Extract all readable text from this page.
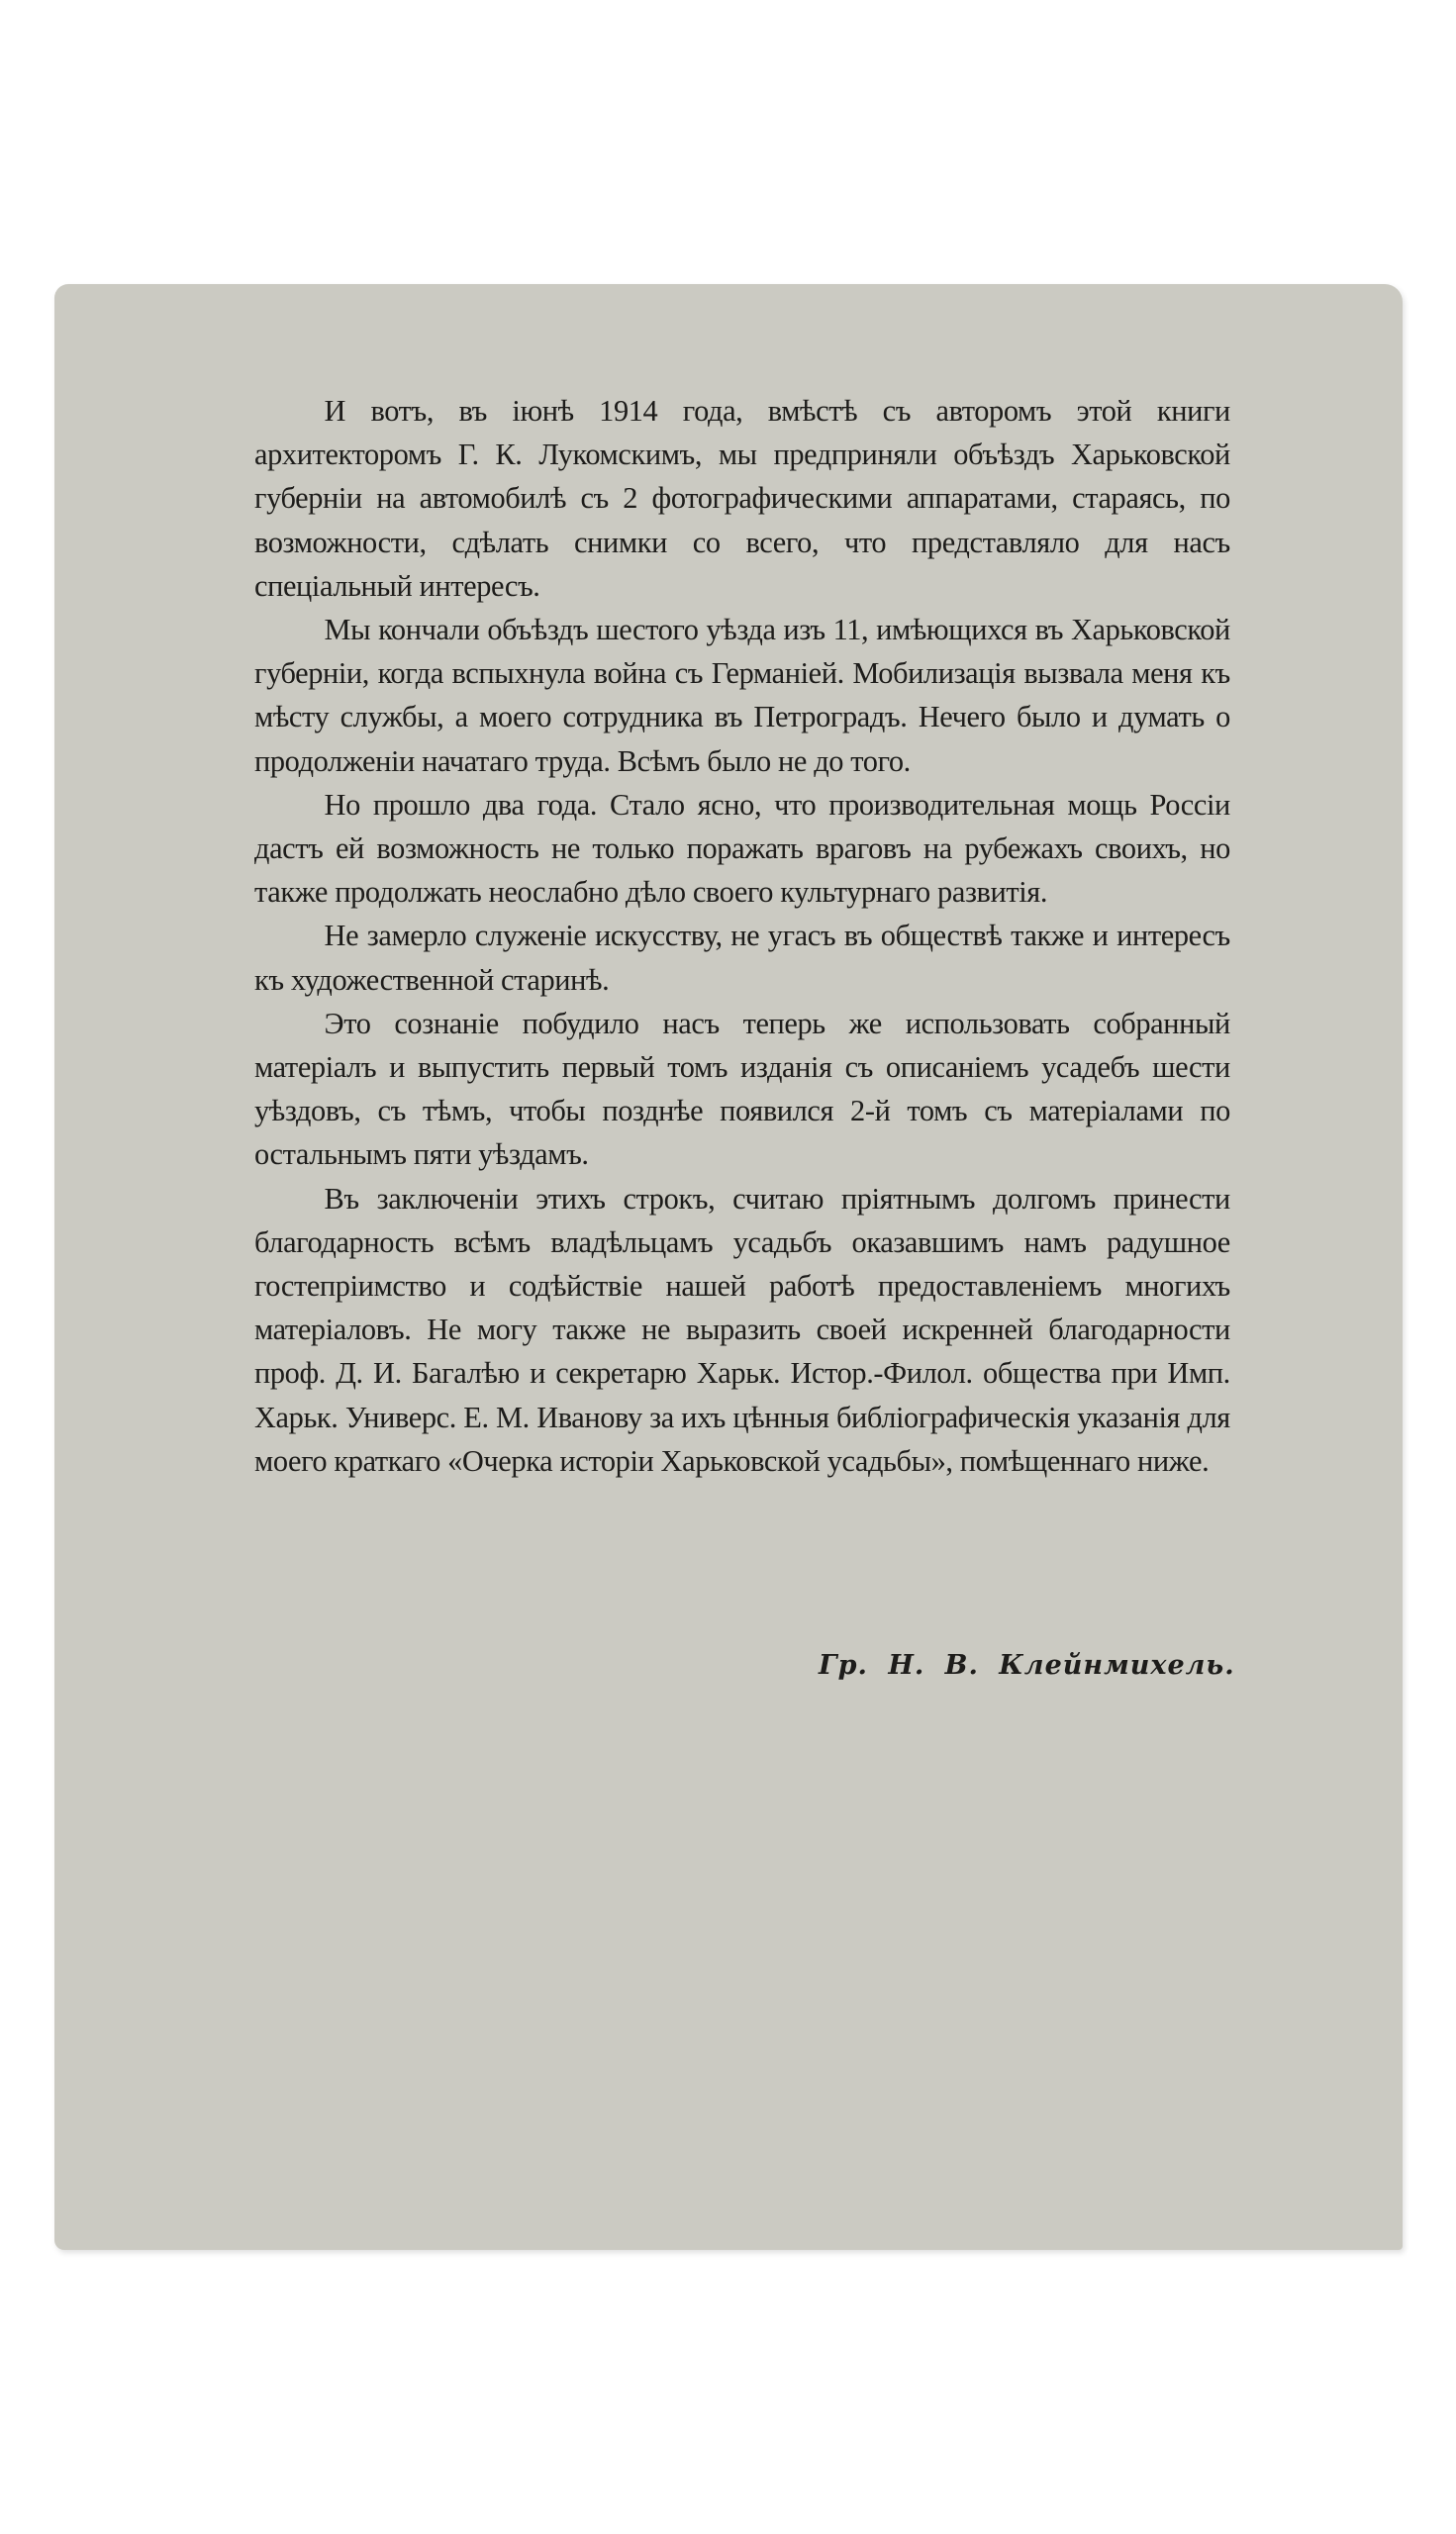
И вотъ, въ іюнѣ 1914 года, вмѣстѣ съ авторомъ этой книги архитекторомъ Г. К. Лукомскимъ, мы предприняли объѣздъ Харьковской губерніи на автомобилѣ съ 2 фотографическими аппаратами, стараясь, по возможности, сдѣлать снимки со всего, что представляло для насъ спеціальный интересъ.

Мы кончали объѣздъ шестого уѣзда изъ 11, имѣющихся въ Харьковской губерніи, когда вспыхнула война съ Германіей. Мобилизація вызвала меня къ мѣсту службы, а моего сотрудника въ Петроградъ. Нечего было и думать о продолженіи начатаго труда. Всѣмъ было не до того.

Но прошло два года. Стало ясно, что производительная мощь Россіи дастъ ей возможность не только поражать враговъ на рубежахъ своихъ, но также продолжать неослабно дѣло своего культурнаго развитія.

Не замерло служеніе искусству, не угасъ въ обществѣ также и интересъ къ художественной старинѣ.

Это сознаніе побудило насъ теперь же использовать собранный матеріалъ и выпустить первый томъ изданія съ описаніемъ усадебъ шести уѣздовъ, съ тѣмъ, чтобы позднѣе появился 2-й томъ съ матеріалами по остальнымъ пяти уѣздамъ.

Въ заключеніи этихъ строкъ, считаю пріятнымъ долгомъ принести благодарность всѣмъ владѣльцамъ усадьбъ оказавшимъ намъ радушное гостепріимство и содѣйствіе нашей работѣ предоставленіемъ многихъ матеріаловъ. Не могу также не выразить своей искренней благодарности проф. Д. И. Багалѣю и секретарю Харьк. Истор.-Филол. общества при Имп. Харьк. Универс. Е. М. Иванову за ихъ цѣнныя библіографическія указанія для моего краткаго «Очерка исторіи Харьковской усадьбы», помѣщеннаго ниже.

Гр. Н. В. Клейнмихель.
